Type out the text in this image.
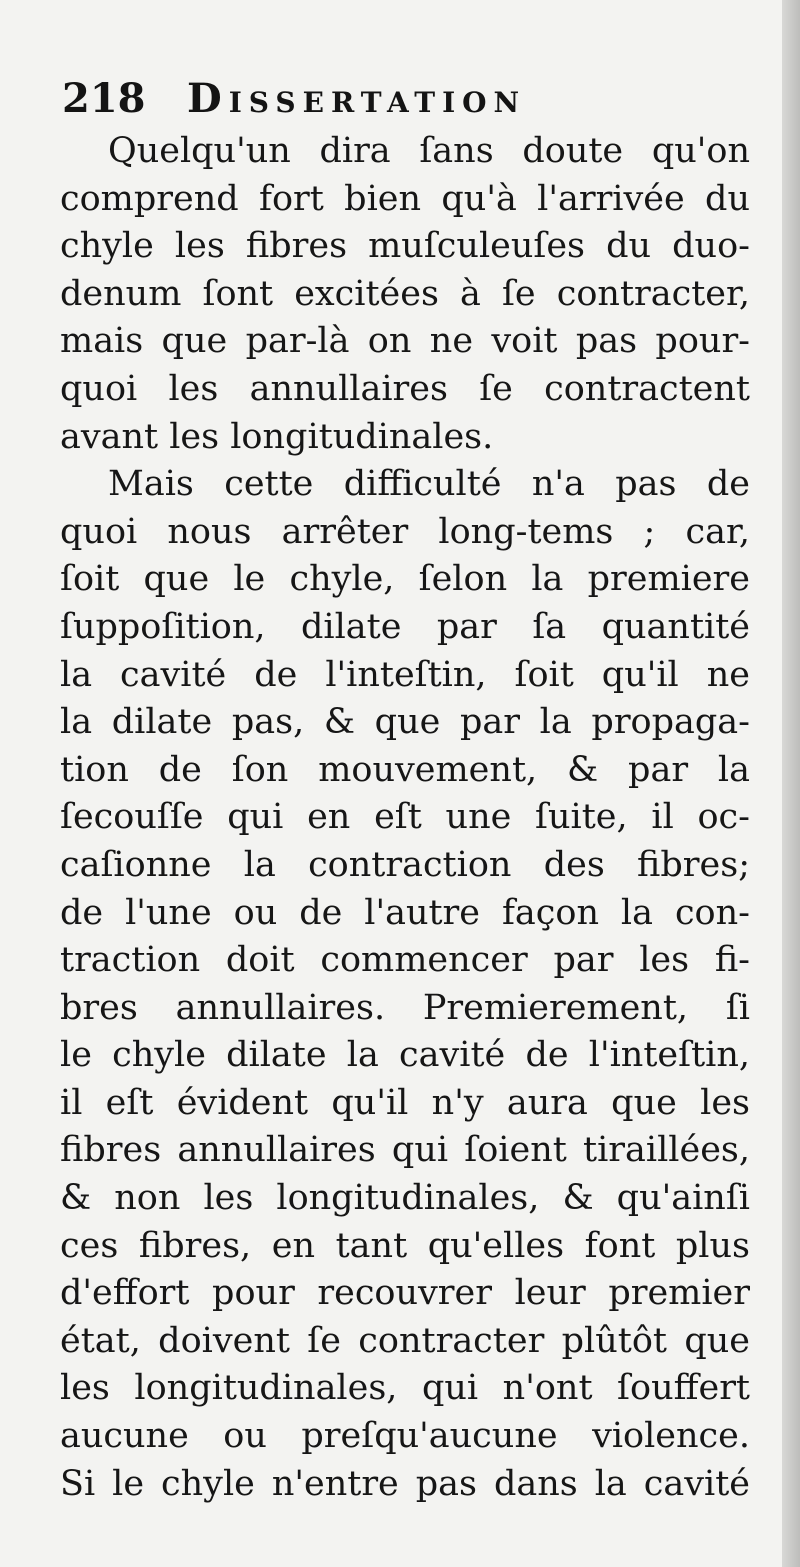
218 Dissertation
Quelqu'un dira ſans doute qu'on
comprend fort bien qu'à l'arrivée du
chyle les fibres muſculeuſes du duo-
denum ſont excitées à ſe contracter,
mais que par-là on ne voit pas pour-
quoi les annullaires ſe contractent
avant les longitudinales.
Mais cette difficulté n'a pas de
quoi nous arrêter long-tems ; car,
ſoit que le chyle, ſelon la premiere
ſuppoſition, dilate par ſa quantité
la cavité de l'inteſtin, ſoit qu'il ne
la dilate pas, & que par la propaga-
tion de ſon mouvement, & par la
ſecouſſe qui en eſt une ſuite, il oc-
caſionne la contraction des fibres;
de l'une ou de l'autre façon la con-
traction doit commencer par les fi-
bres annullaires. Premierement, ſi
le chyle dilate la cavité de l'inteſtin,
il eſt évident qu'il n'y aura que les
fibres annullaires qui ſoient tiraillées,
& non les longitudinales, & qu'ainſi
ces fibres, en tant qu'elles font plus
d'effort pour recouvrer leur premier
état, doivent ſe contracter plûtôt que
les longitudinales, qui n'ont ſouffert
aucune ou preſqu'aucune violence.
Si le chyle n'entre pas dans la cavité
